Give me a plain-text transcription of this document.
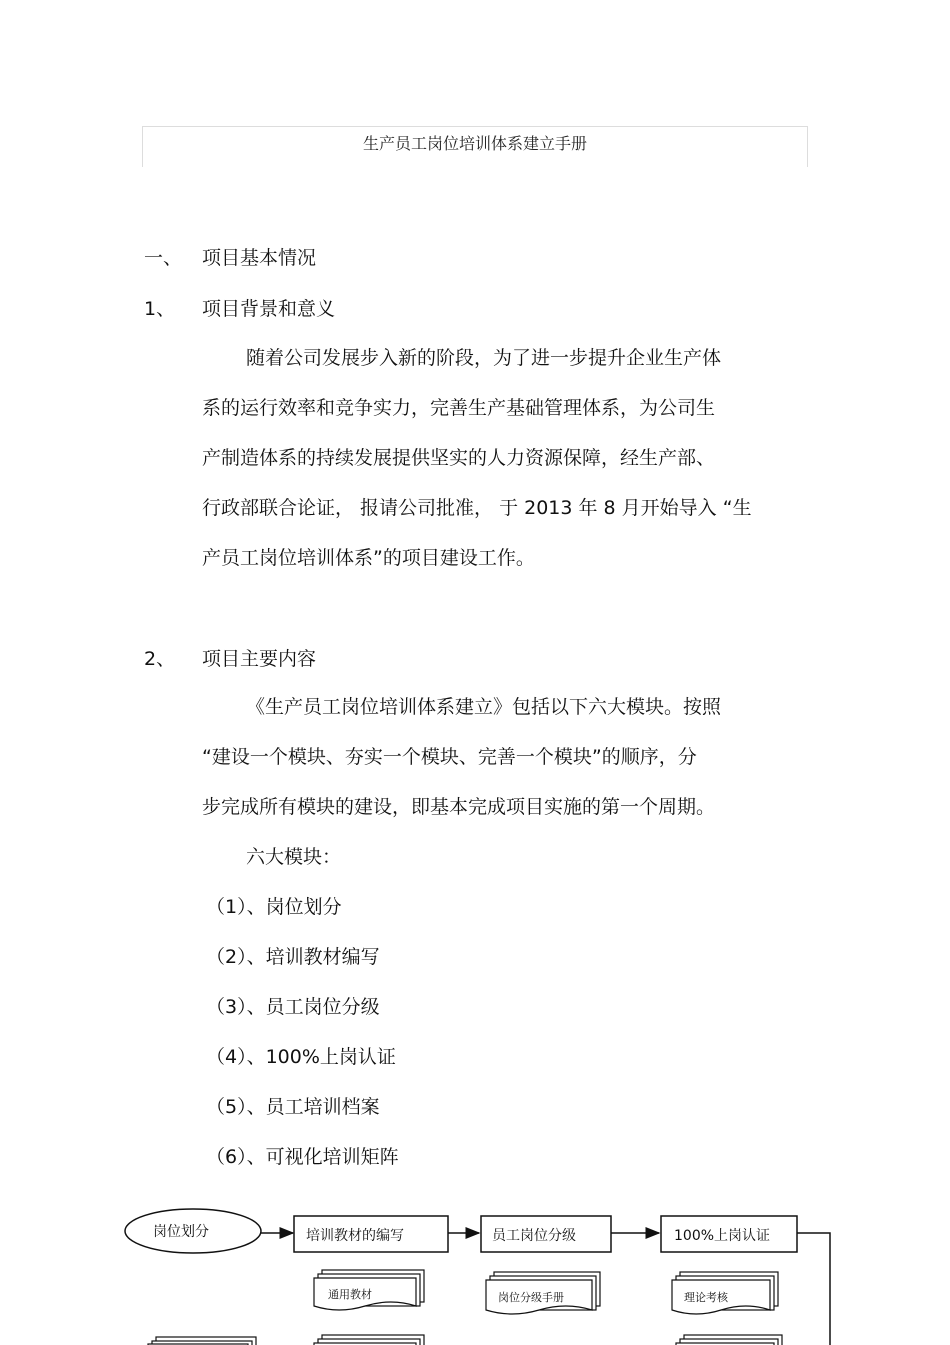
生产员工岗位培训体系建立手册
一、 项目基本情况
1、 项目背景和意义
随着公司发展步入新的阶段，为了进一步提升企业生产体
系的运行效率和竞争实力，完善生产基础管理体系，为公司生
产制造体系的持续发展提供坚实的人力资源保障，经生产部、
行政部联合论证， 报请公司批准， 于 2013 年 8 月开始导入 “生
产员工岗位培训体系”的项目建设工作。
2、 项目主要内容
《生产员工岗位培训体系建立》包括以下六大模块。按照
“建设一个模块、夯实一个模块、完善一个模块”的顺序，分
步完成所有模块的建设，即基本完成项目实施的第一个周期。
六大模块：
（1）、岗位划分
（2）、培训教材编写
（3）、员工岗位分级
（4）、100%上岗认证
（5）、员工培训档案
（6）、可视化培训矩阵
岗位划分	培训教材的编写	员工岗位分级	100%上岗认证
通用教材	岗位分级手册	理论考核
